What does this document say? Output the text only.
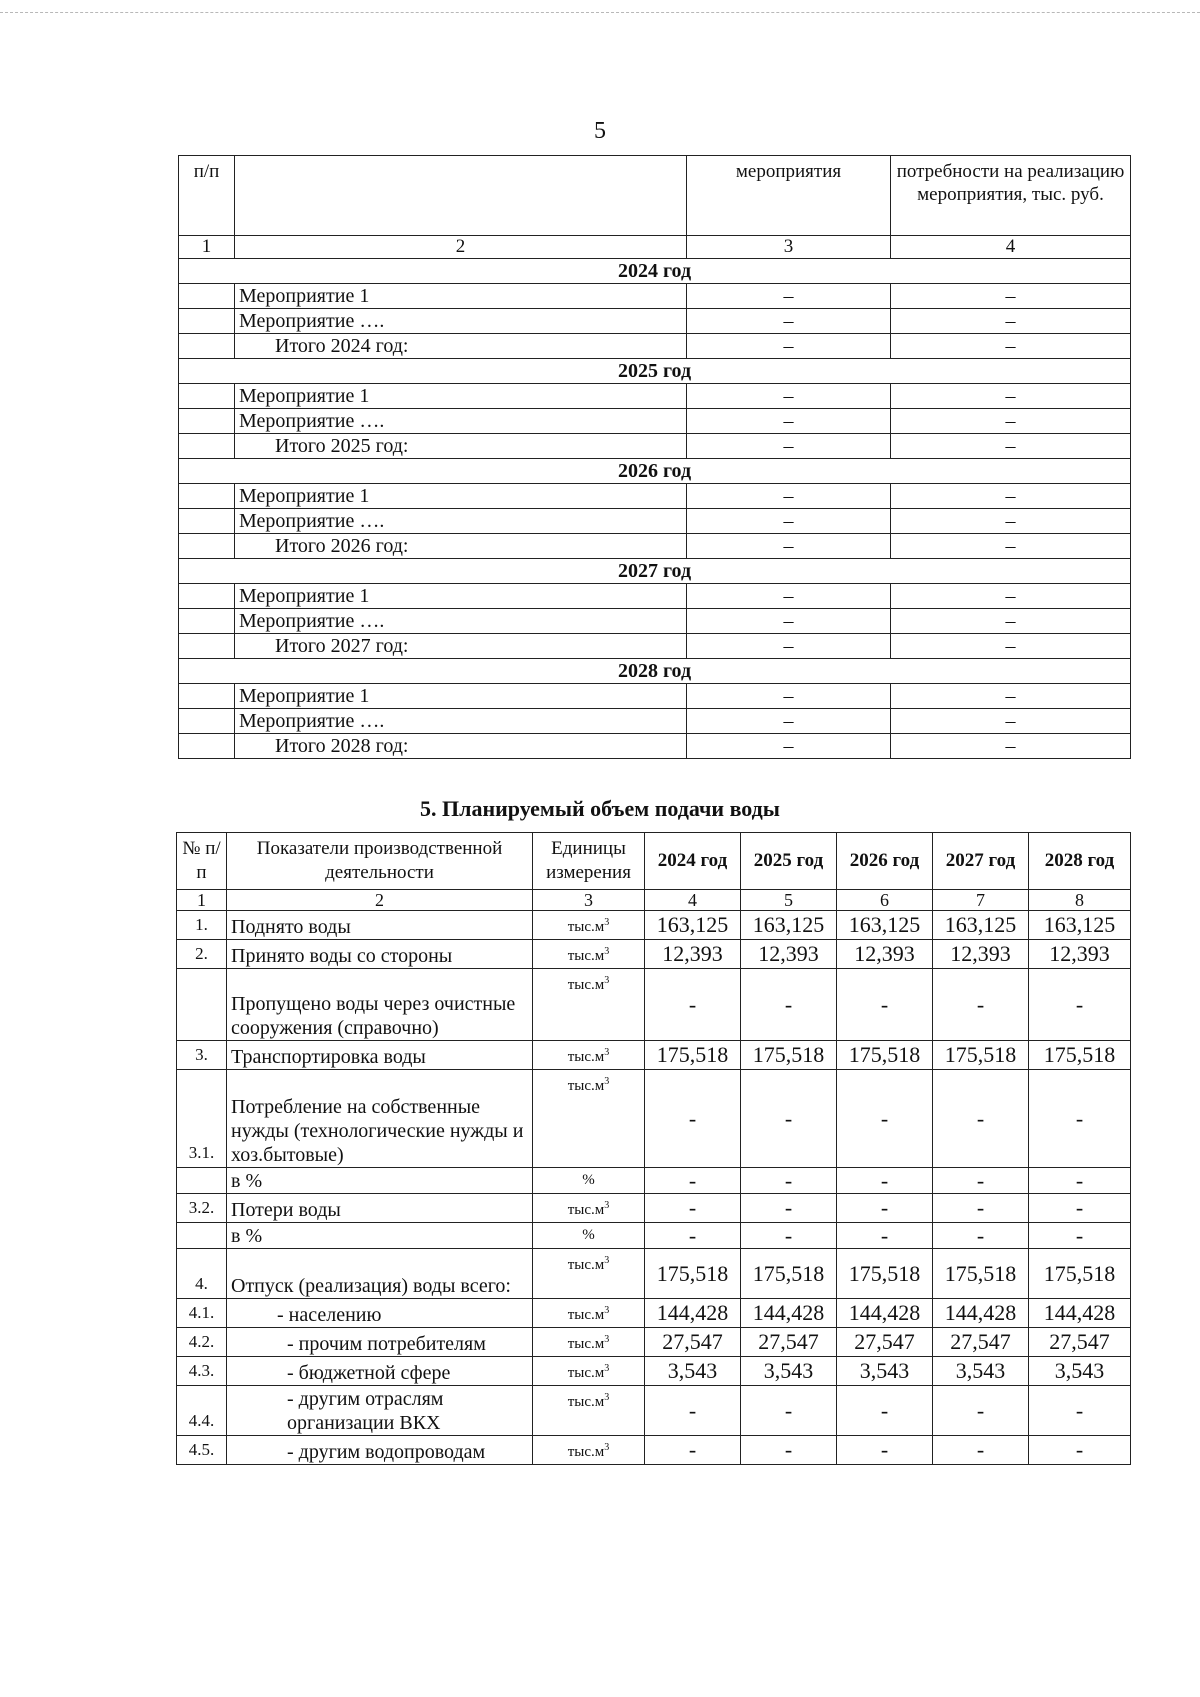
5
п/п		мероприятия	потребности на реализацию мероприятия, тыс. руб.
1	2	3	4
2024 год			
	Мероприятие 1	–	–
	Мероприятие ….	–	–
	Итого 2024 год:	–	–
2025 год			
	Мероприятие 1	–	–
	Мероприятие ….	–	–
	Итого 2025 год:	–	–
2026 год			
	Мероприятие 1	–	–
	Мероприятие ….	–	–
	Итого 2026 год:	–	–
2027 год			
	Мероприятие 1	–	–
	Мероприятие ….	–	–
	Итого 2027 год:	–	–
2028 год			
	Мероприятие 1	–	–
	Мероприятие ….	–	–
	Итого 2028 год:	–	–
5. Планируемый объем подачи воды
№ п/п	Показатели производственной деятельности	Единицы измерения	2024 год	2025 год	2026 год	2027 год	2028 год
1	2	3	4	5	6	7	8
1.	Поднято воды	$тыс.м^3$	163,125	163,125	163,125	163,125	163,125
2.	Принято воды со стороны	$тыс.м^3$	12,393	12,393	12,393	12,393	12,393
	Пропущено воды через очистные сооружения (справочно)	$тыс.м^3$	-	-	-	-	-
3.	Транспортировка воды	$тыс.м^3$	175,518	175,518	175,518	175,518	175,518
3.1.	Потребление на собственные нужды (технологические нужды и хоз.бытовые)	$тыс.м^3$	-	-	-	-	-
	в %	%	-	-	-	-	-
3.2.	Потери воды	$тыс.м^3$	-	-	-	-	-
	в %	%	-	-	-	-	-
4.	Отпуск (реализация) воды всего:	$тыс.м^3$	175,518	175,518	175,518	175,518	175,518
4.1.	- населению	$тыс.м^3$	144,428	144,428	144,428	144,428	144,428
4.2.	- прочим потребителям	$тыс.м^3$	27,547	27,547	27,547	27,547	27,547
4.3.	- бюджетной сфере	$тыс.м^3$	3,543	3,543	3,543	3,543	3,543
4.4.	- другим отраслям организации ВКХ	$тыс.м^3$	-	-	-	-	-
4.5.	- другим водопроводам	$тыс.м^3$	-	-	-	-	-
